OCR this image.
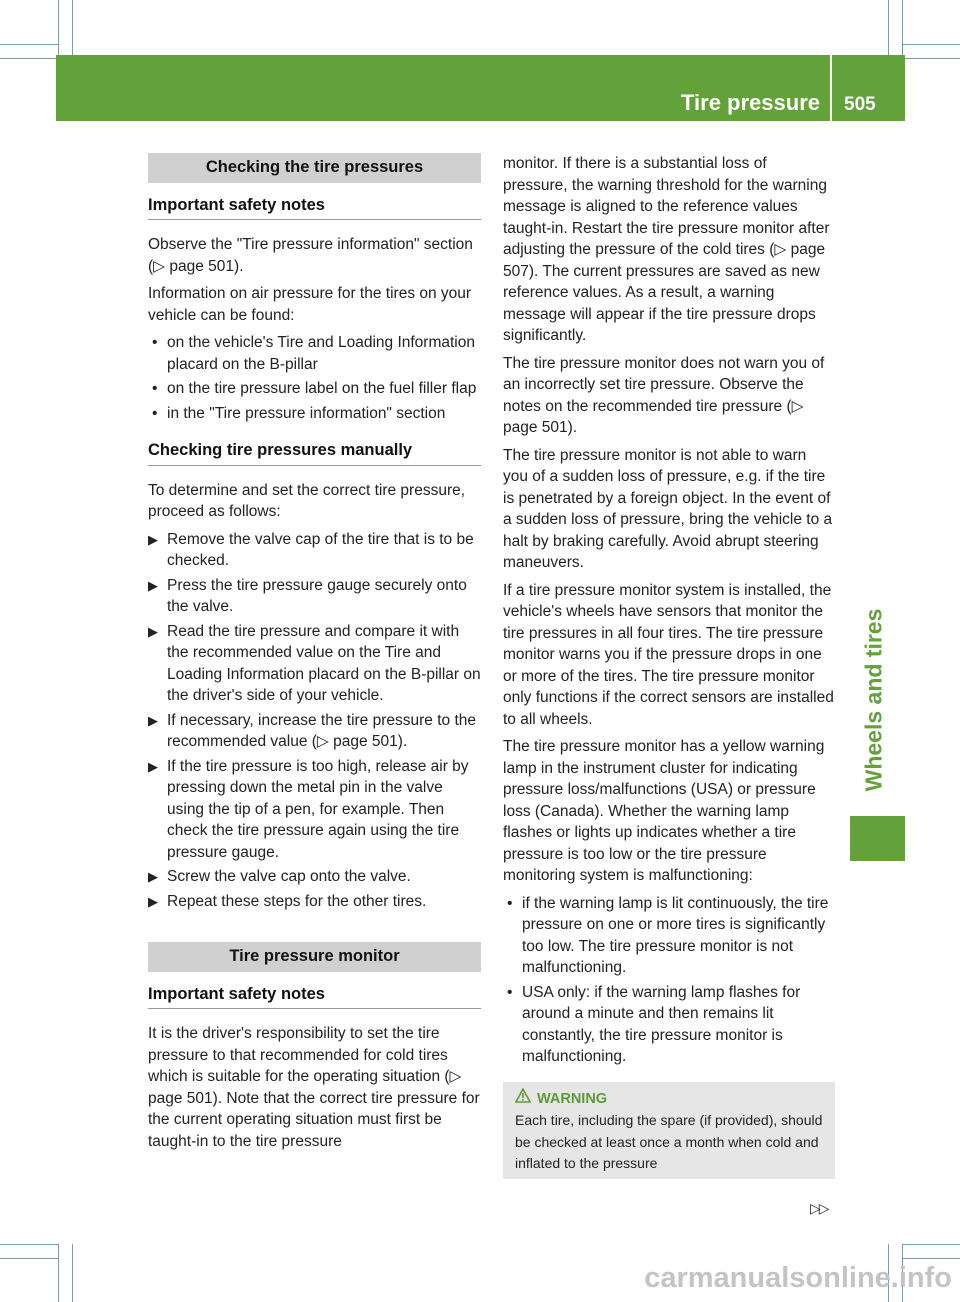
Tire pressure 505
Wheels and tires
Checking the tire pressures
Important safety notes

Observe the "Tire pressure information" section (▷ page 501).

Information on air pressure for the tires on your vehicle can be found:

• on the vehicle's Tire and Loading Information placard on the B-pillar
• on the tire pressure label on the fuel filler flap
• in the "Tire pressure information" section
Checking tire pressures manually

To determine and set the correct tire pressure, proceed as follows:

▶ Remove the valve cap of the tire that is to be checked.
▶ Press the tire pressure gauge securely onto the valve.
▶ Read the tire pressure and compare it with the recommended value on the Tire and Loading Information placard on the B-pillar on the driver's side of your vehicle.
▶ If necessary, increase the tire pressure to the recommended value (▷ page 501).
▶ If the tire pressure is too high, release air by pressing down the metal pin in the valve using the tip of a pen, for example. Then check the tire pressure again using the tire pressure gauge.
▶ Screw the valve cap onto the valve.
▶ Repeat these steps for the other tires.
Tire pressure monitor
Important safety notes

It is the driver's responsibility to set the tire pressure to that recommended for cold tires which is suitable for the operating situation (▷ page 501). Note that the correct tire pressure for the current operating situation must first be taught-in to the tire pressure

monitor. If there is a substantial loss of pressure, the warning threshold for the warning message is aligned to the reference values taught-in. Restart the tire pressure monitor after adjusting the pressure of the cold tires (▷ page 507). The current pressures are saved as new reference values. As a result, a warning message will appear if the tire pressure drops significantly.

The tire pressure monitor does not warn you of an incorrectly set tire pressure. Observe the notes on the recommended tire pressure (▷ page 501).

The tire pressure monitor is not able to warn you of a sudden loss of pressure, e.g. if the tire is penetrated by a foreign object. In the event of a sudden loss of pressure, bring the vehicle to a halt by braking carefully. Avoid abrupt steering maneuvers.

If a tire pressure monitor system is installed, the vehicle's wheels have sensors that monitor the tire pressures in all four tires. The tire pressure monitor warns you if the pressure drops in one or more of the tires. The tire pressure monitor only functions if the correct sensors are installed to all wheels.

The tire pressure monitor has a yellow warning lamp in the instrument cluster for indicating pressure loss/malfunctions (USA) or pressure loss (Canada). Whether the warning lamp flashes or lights up indicates whether a tire pressure is too low or the tire pressure monitoring system is malfunctioning:

• if the warning lamp is lit continuously, the tire pressure on one or more tires is significantly too low. The tire pressure monitor is not malfunctioning.
• USA only: if the warning lamp flashes for around a minute and then remains lit constantly, the tire pressure monitor is malfunctioning.
WARNING
Each tire, including the spare (if provided), should be checked at least once a month when cold and inflated to the pressure
▷▷
carmanualsonline.info
